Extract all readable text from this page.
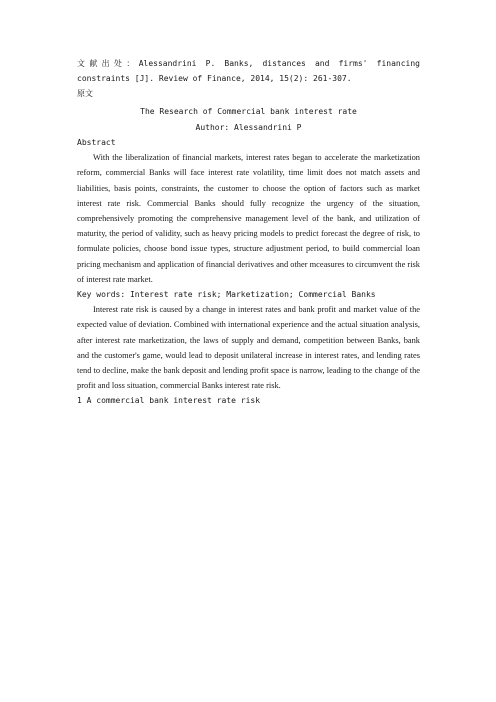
文献出处：Alessandrini P. Banks, distances and firms' financing constraints [J]. Review of Finance, 2014, 15(2): 261-307.

原文

The Research of Commercial bank interest rate

Author: Alessandrini P

Abstract

With the liberalization of financial markets, interest rates began to accelerate the marketization reform, commercial Banks will face interest rate volatility, time limit does not match assets and liabilities, basis points, constraints, the customer to choose the option of factors such as market interest rate risk. Commercial Banks should fully recognize the urgency of the situation, comprehensively promoting the comprehensive management level of the bank, and utilization of maturity, the period of validity, such as heavy pricing models to predict forecast the degree of risk, to formulate policies, choose bond issue types, structure adjustment period, to build commercial loan pricing mechanism and application of financial derivatives and other mceasures to circumvent the risk of interest rate market.

Key words: Interest rate risk; Marketization; Commercial Banks

Interest rate risk is caused by a change in interest rates and bank profit and market value of the expected value of deviation. Combined with international experience and the actual situation analysis, after interest rate marketization, the laws of supply and demand, competition between Banks, bank and the customer's game, would lead to deposit unilateral increase in interest rates, and lending rates tend to decline, make the bank deposit and lending profit space is narrow, leading to the change of the profit and loss situation, commercial Banks interest rate risk.

1 A commercial bank interest rate risk
